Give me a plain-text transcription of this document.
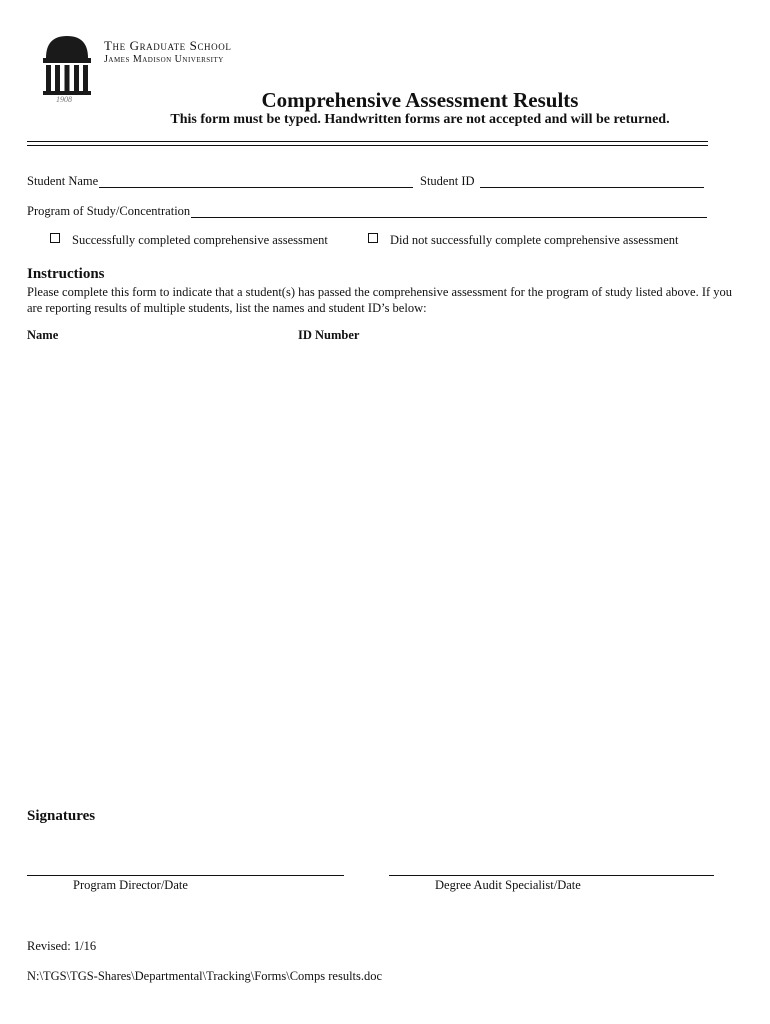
1908
The Graduate School
James Madison University
Comprehensive Assessment Results
This form must be typed. Handwritten forms are not accepted and will be returned.
Student Name	Student ID
Program of Study/Concentration
Successfully completed comprehensive assessment	Did not successfully complete comprehensive assessment
Instructions
Please complete this form to indicate that a student(s) has passed the comprehensive assessment for the program of study listed above. If you are reporting results of multiple students, list the names and student ID’s below:
Name	ID Number
Signatures
Program Director/Date	Degree Audit Specialist/Date
Revised: 1/16
N:\TGS\TGS-Shares\Departmental\Tracking\Forms\Comps results.doc
